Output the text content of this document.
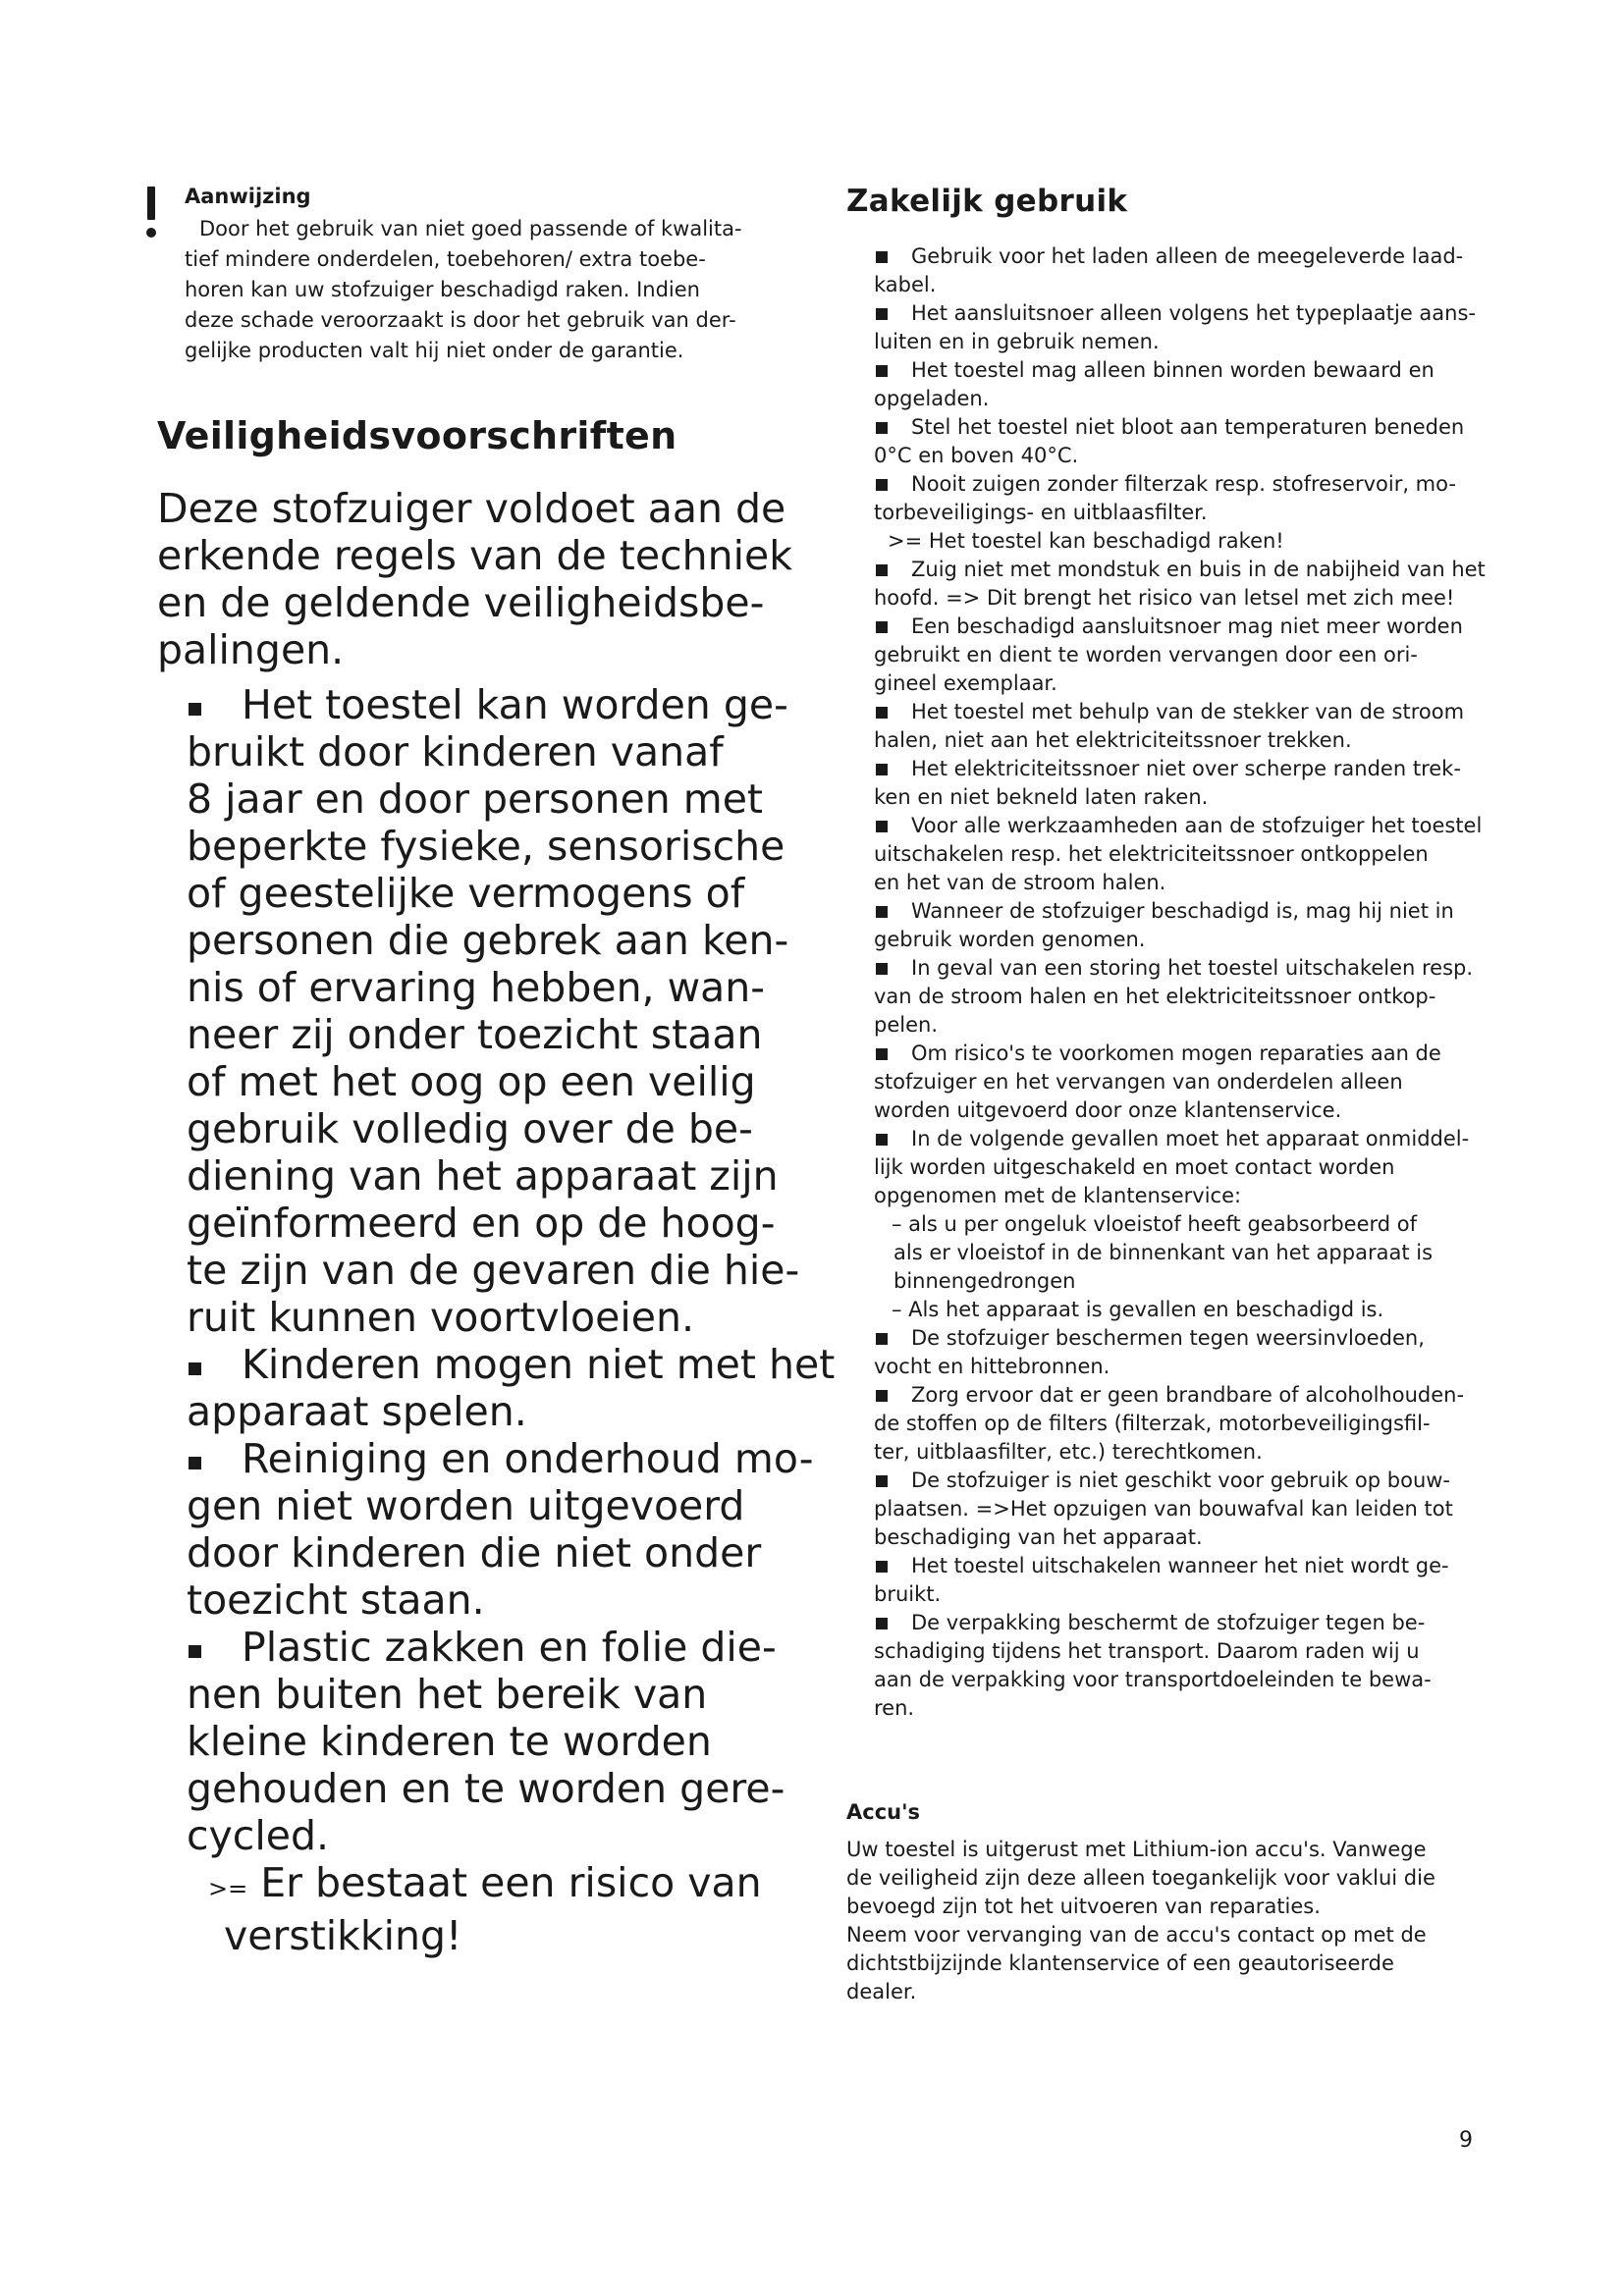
Aanwijzing
Door het gebruik van niet goed passende of kwalita-
tief mindere onderdelen, toebehoren/ extra toebe-
horen kan uw stofzuiger beschadigd raken. Indien
deze schade veroorzaakt is door het gebruik van der-
gelijke producten valt hij niet onder de garantie.
Veiligheidsvoorschriften
Deze stofzuiger voldoet aan de
erkende regels van de techniek
en de geldende veiligheidsbe-
palingen.
Het toestel kan worden ge-
bruikt door kinderen vanaf
8 jaar en door personen met
beperkte fysieke, sensorische
of geestelijke vermogens of
personen die gebrek aan ken-
nis of ervaring hebben, wan-
neer zij onder toezicht staan
of met het oog op een veilig
gebruik volledig over de be-
diening van het apparaat zijn
geïnformeerd en op de hoog-
te zijn van de gevaren die hie-
ruit kunnen voortvloeien.
Kinderen mogen niet met het
apparaat spelen.
Reiniging en onderhoud mo-
gen niet worden uitgevoerd
door kinderen die niet onder
toezicht staan.
Plastic zakken en folie die-
nen buiten het bereik van
kleine kinderen te worden
gehouden en te worden gere-
cycled.
>= Er bestaat een risico van
verstikking!
Zakelijk gebruik
Gebruik voor het laden alleen de meegeleverde laad-
kabel.
Het aansluitsnoer alleen volgens het typeplaatje aans-
luiten en in gebruik nemen.
Het toestel mag alleen binnen worden bewaard en
opgeladen.
Stel het toestel niet bloot aan temperaturen beneden
0°C en boven 40°C.
Nooit zuigen zonder filterzak resp. stofreservoir, mo-
torbeveiligings- en uitblaasfilter.
>= Het toestel kan beschadigd raken!
Zuig niet met mondstuk en buis in de nabijheid van het
hoofd. => Dit brengt het risico van letsel met zich mee!
Een beschadigd aansluitsnoer mag niet meer worden
gebruikt en dient te worden vervangen door een ori-
gineel exemplaar.
Het toestel met behulp van de stekker van de stroom
halen, niet aan het elektriciteitssnoer trekken.
Het elektriciteitssnoer niet over scherpe randen trek-
ken en niet bekneld laten raken.
Voor alle werkzaamheden aan de stofzuiger het toestel
uitschakelen resp. het elektriciteitssnoer ontkoppelen
en het van de stroom halen.
Wanneer de stofzuiger beschadigd is, mag hij niet in
gebruik worden genomen.
In geval van een storing het toestel uitschakelen resp.
van de stroom halen en het elektriciteitssnoer ontkop-
pelen.
Om risico's te voorkomen mogen reparaties aan de
stofzuiger en het vervangen van onderdelen alleen
worden uitgevoerd door onze klantenservice.
In de volgende gevallen moet het apparaat onmiddel-
lijk worden uitgeschakeld en moet contact worden
opgenomen met de klantenservice:
– als u per ongeluk vloeistof heeft geabsorbeerd of
als er vloeistof in de binnenkant van het apparaat is
binnengedrongen
– Als het apparaat is gevallen en beschadigd is.
De stofzuiger beschermen tegen weersinvloeden,
vocht en hittebronnen.
Zorg ervoor dat er geen brandbare of alcoholhouden-
de stoffen op de filters (filterzak, motorbeveiligingsfil-
ter, uitblaasfilter, etc.) terechtkomen.
De stofzuiger is niet geschikt voor gebruik op bouw-
plaatsen. =>Het opzuigen van bouwafval kan leiden tot
beschadiging van het apparaat.
Het toestel uitschakelen wanneer het niet wordt ge-
bruikt.
De verpakking beschermt de stofzuiger tegen be-
schadiging tijdens het transport. Daarom raden wij u
aan de verpakking voor transportdoeleinden te bewa-
ren.
Accu's
Uw toestel is uitgerust met Lithium-ion accu's. Vanwege
de veiligheid zijn deze alleen toegankelijk voor vaklui die
bevoegd zijn tot het uitvoeren van reparaties.
Neem voor vervanging van de accu's contact op met de
dichtstbijzijnde klantenservice of een geautoriseerde
dealer.
9
